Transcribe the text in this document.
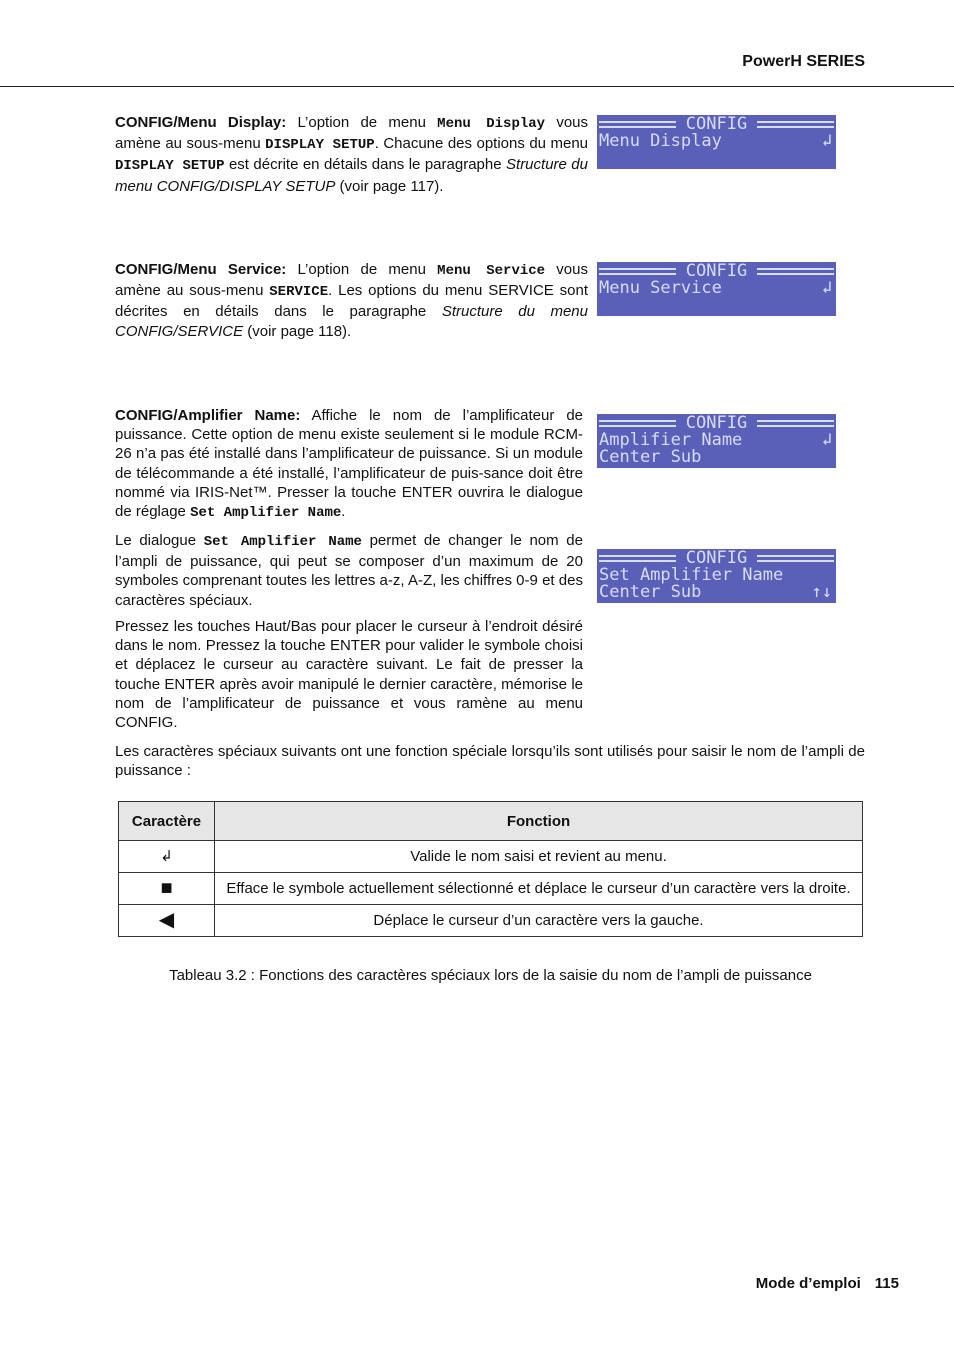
PowerH SERIES

CONFIG/Menu Display: L’option de menu Menu Display vous amène au sous-menu DISPLAY SETUP. Chacune des options du menu DISPLAY SETUP est décrite en détails dans le paragraphe Structure du menu CONFIG/DISPLAY SETUP (voir page 117).

CONFIG
Menu Display	↲

CONFIG/Menu Service: L’option de menu Menu Service vous amène au sous-menu SERVICE. Les options du menu SERVICE sont décrites en détails dans le paragraphe Structure du menu CONFIG/SERVICE (voir page 118).

CONFIG
Menu Service	↲

CONFIG/Amplifier Name: Affiche le nom de l’amplificateur de puissance. Cette option de menu existe seulement si le module RCM-26 n’a pas été installé dans l’amplificateur de puissance. Si un module de télécommande a été installé, l’amplificateur de puis-sance doit être nommé via IRIS-Net™. Presser la touche ENTER ouvrira le dialogue de réglage Set Amplifier Name.

CONFIG
Amplifier Name	↲
Center Sub

Le dialogue Set Amplifier Name permet de changer le nom de l’ampli de puissance, qui peut se composer d’un maximum de 20 symboles comprenant toutes les lettres a-z, A-Z, les chiffres 0-9 et des caractères spéciaux.

CONFIG
Set Amplifier Name
Center Sub	↑↓

Pressez les touches Haut/Bas pour placer le curseur à l’endroit désiré dans le nom. Pressez la touche ENTER pour valider le symbole choisi et déplacez le curseur au caractère suivant. Le fait de presser la touche ENTER après avoir manipulé le dernier caractère, mémorise le nom de l’amplificateur de puissance et vous ramène au menu CONFIG.

Les caractères spéciaux suivants ont une fonction spéciale lorsqu’ils sont utilisés pour saisir le nom de l’ampli de puissance :

Caractère	Fonction
↲	Valide le nom saisi et revient au menu.
■	Efface le symbole actuellement sélectionné et déplace le curseur d’un caractère vers la droite.
◀	Déplace le curseur d’un caractère vers la gauche.
Tableau 3.2 : Fonctions des caractères spéciaux lors de la saisie du nom de l’ampli de puissance
Mode d’emploi 115
